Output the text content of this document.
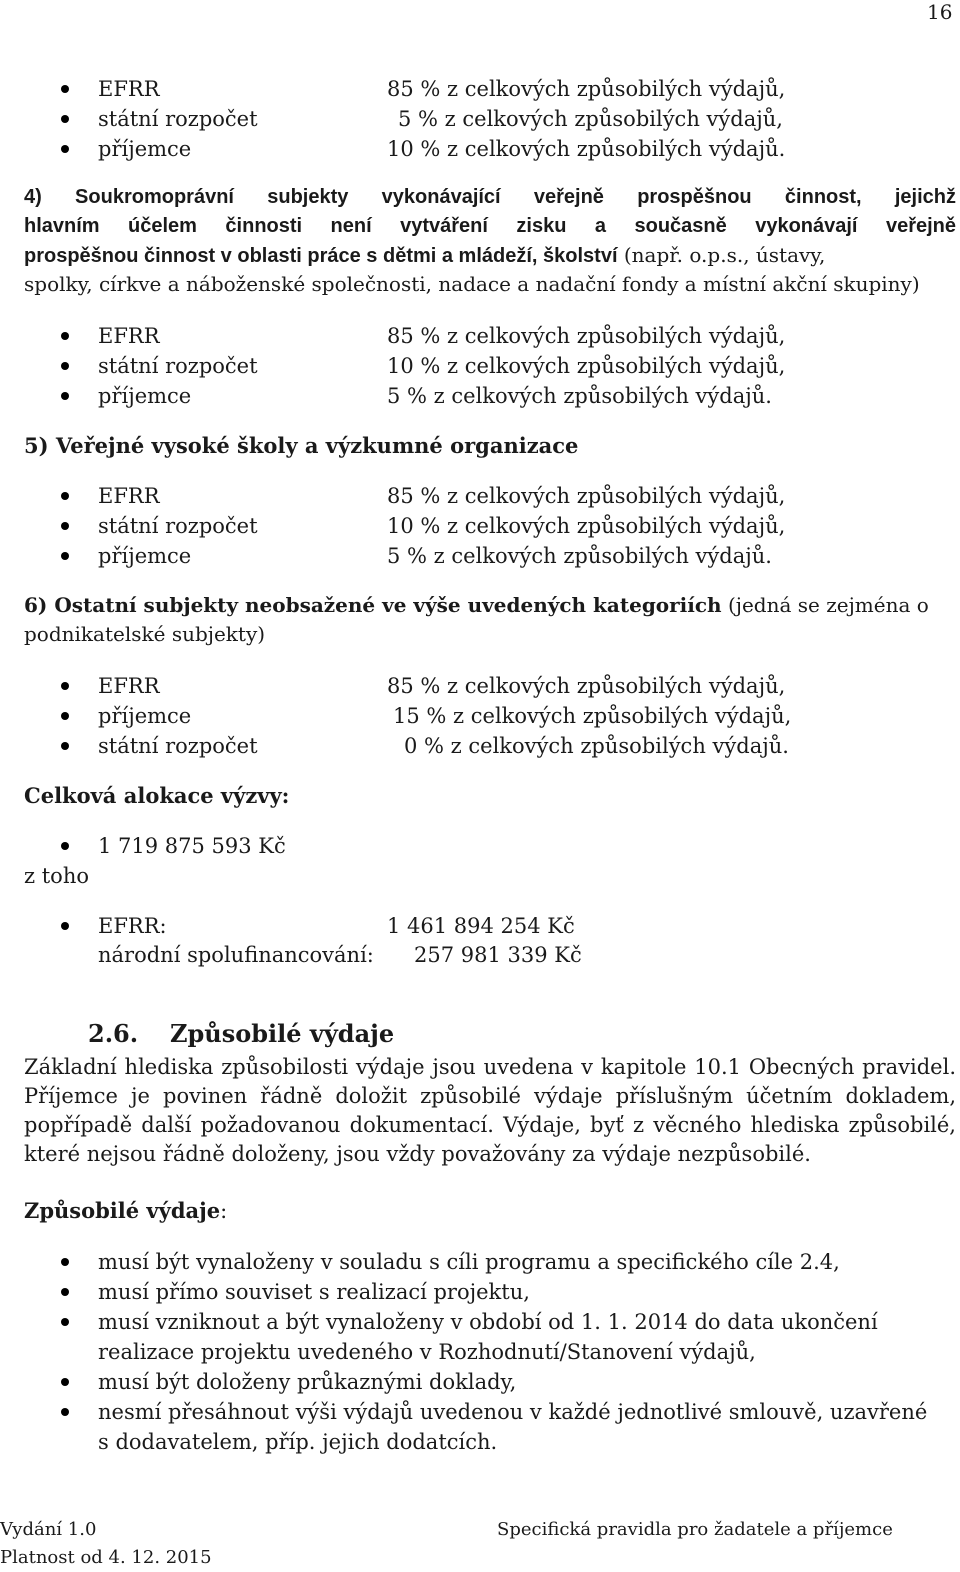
16
EFRR	85 % z celkových způsobilých výdajů,
státní rozpočet	5 % z celkových způsobilých výdajů,
příjemce	10 % z celkových způsobilých výdajů.
4) Soukromoprávní subjekty vykonávající veřejně prospěšnou činnost, jejichž
hlavním účelem činnosti není vytváření zisku a současně vykonávají veřejně
prospěšnou činnost v oblasti práce s dětmi a mládeží, školství (např. o.p.s., ústavy,
spolky, církve a náboženské společnosti, nadace a nadační fondy a místní akční skupiny)
EFRR	85 % z celkových způsobilých výdajů,
státní rozpočet	10 % z celkových způsobilých výdajů,
příjemce	5 % z celkových způsobilých výdajů.
5) Veřejné vysoké školy a výzkumné organizace
EFRR	85 % z celkových způsobilých výdajů,
státní rozpočet	10 % z celkových způsobilých výdajů,
příjemce	5 % z celkových způsobilých výdajů.
6) Ostatní subjekty neobsažené ve výše uvedených kategoriích (jedná se zejména o
podnikatelské subjekty)
EFRR	85 % z celkových způsobilých výdajů,
příjemce	15 % z celkových způsobilých výdajů,
státní rozpočet	0 % z celkových způsobilých výdajů.
Celková alokace výzvy:
1 719 875 593 Kč
z toho
EFRR:	1 461 894 254 Kč
národní spolufinancování: 257 981 339 Kč
2.6. Způsobilé výdaje
Základní hlediska způsobilosti výdaje jsou uvedena v kapitole 10.1 Obecných pravidel.
Příjemce je povinen řádně doložit způsobilé výdaje příslušným účetním dokladem,
popřípadě další požadovanou dokumentací. Výdaje, byť z věcného hlediska způsobilé,
které nejsou řádně doloženy, jsou vždy považovány za výdaje nezpůsobilé.
Způsobilé výdaje:
musí být vynaloženy v souladu s cíli programu a specifického cíle 2.4,
musí přímo souviset s realizací projektu,
musí vzniknout a být vynaloženy v období od 1. 1. 2014 do data ukončení
realizace projektu uvedeného v Rozhodnutí/Stanovení výdajů,
musí být doloženy průkaznými doklady,
nesmí přesáhnout výši výdajů uvedenou v každé jednotlivé smlouvě, uzavřené
s dodavatelem, příp. jejich dodatcích.
Vydání 1.0
Platnost od 4. 12. 2015
Specifická pravidla pro žadatele a příjemce
